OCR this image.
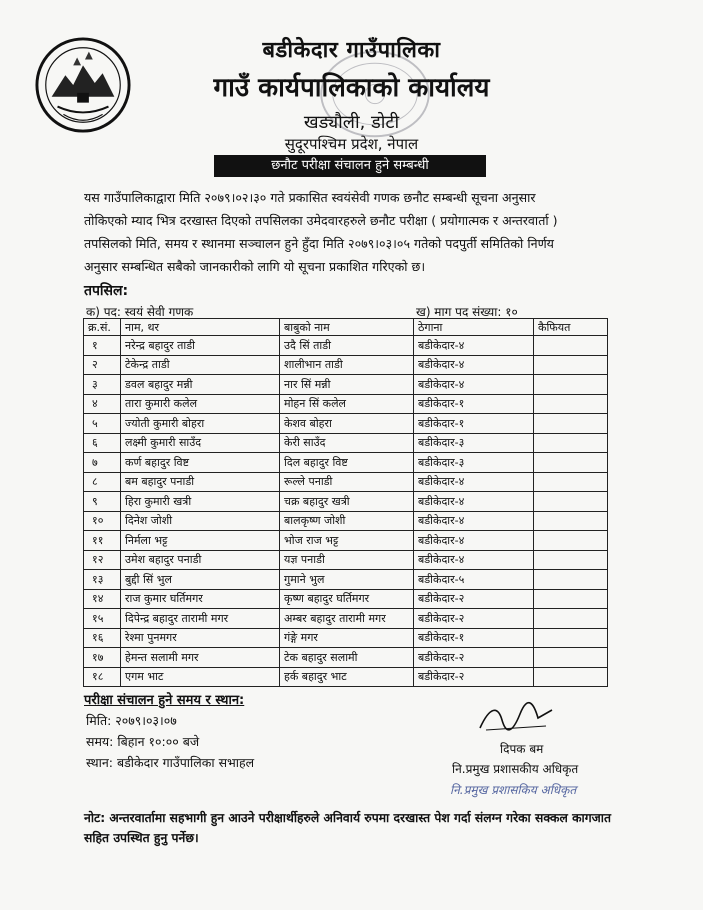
बडीकेदार गाउँपालिका
गाउँ कार्यपालिकाको कार्यालय
खड्यौली, डोटी
सुदूरपश्चिम प्रदेश, नेपाल
छनौट परीक्षा संचालन हुने सम्बन्धी
यस गाउँपालिकाद्वारा मिति २०७९।०२।३० गते प्रकासित स्वयंसेवी गणक छनौट सम्बन्धी सूचना अनुसार
तोकिएको म्याद भित्र दरखास्त दिएको तपसिलका उमेदवारहरुले छनौट परीक्षा ( प्रयोगात्मक र अन्तरवार्ता )
तपसिलको मिति, समय र स्थानमा सञ्चालन हुने हुँदा मिति २०७९।०३।०५ गतेको पदपुर्ती समितिको निर्णय
अनुसार सम्बन्धित सबैको जानकारीको लागि यो सूचना प्रकाशित गरिएको छ।
तपसिल:
क) पद: स्वयं सेवी गणक	ख) माग पद संख्या: १०
क्र.सं.	नाम, थर	बाबुको नाम	ठेगाना	कैफियत
१	नरेन्द्र बहादुर ताडी	उदै सिं ताडी	बडीकेदार-४	
२	टेकेन्द्र ताडी	शालीभान ताडी	बडीकेदार-४	
३	डवल बहादुर मन्नी	नार सिं मन्नी	बडीकेदार-४	
४	तारा कुमारी कलेल	मोहन सिं कलेल	बडीकेदार-१	
५	ज्योती कुमारी बोहरा	केशव बोहरा	बडीकेदार-१	
६	लक्ष्मी कुमारी साउँद	केरी साउँद	बडीकेदार-३	
७	कर्ण बहादुर विष्ट	दिल बहादुर विष्ट	बडीकेदार-३	
८	बम बहादुर पनाडी	रूल्ले पनाडी	बडीकेदार-४	
९	हिरा कुमारी खत्री	चक्र बहादुर खत्री	बडीकेदार-४	
१०	दिनेश जोशी	बालकृष्ण जोशी	बडीकेदार-४	
११	निर्मला भट्ट	भोज राज भट्ट	बडीकेदार-४	
१२	उमेश बहादुर पनाडी	यज्ञ पनाडी	बडीकेदार-४	
१३	बुद्दी सिं भुल	गुमाने भुल	बडीकेदार-५	
१४	राज कुमार घर्तिमगर	कृष्ण बहादुर घर्तिमगर	बडीकेदार-२	
१५	दिपेन्द्र बहादुर तारामी मगर	अम्बर बहादुर तारामी मगर	बडीकेदार-२	
१६	रेश्मा पुनमगर	गंङ्गे मगर	बडीकेदार-१	
१७	हेमन्त सलामी मगर	टेक बहादुर सलामी	बडीकेदार-२	
१८	एगम भाट	हर्क बहादुर भाट	बडीकेदार-२	
परीक्षा संचालन हुने समय र स्थान:
मिति: २०७९।०३।०७
समय: बिहान १०:०० बजे
स्थान: बडीकेदार गाउँपालिका सभाहल
दिपक बम
नि.प्रमुख प्रशासकीय अधिकृत
नि.प्रमुख प्रशासकिय अधिकृत
नोट: अन्तरवार्तामा सहभागी हुन आउने परीक्षार्थीहरुले अनिवार्य रुपमा दरखास्त पेश गर्दा संलग्न गरेका सक्कल कागजात सहित उपस्थित हुनु पर्नेछ।
